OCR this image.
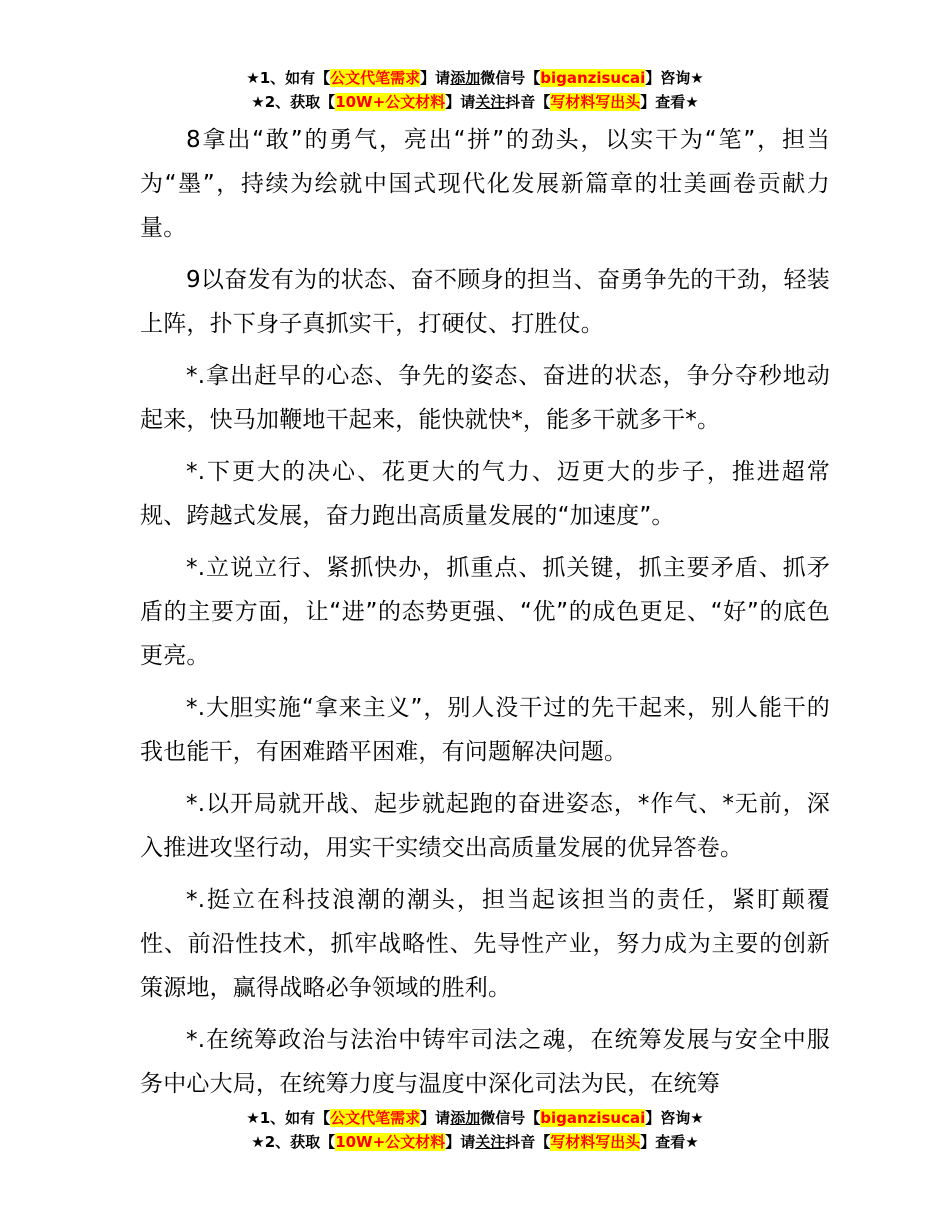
★1、如有【公文代笔需求】请添加微信号【biganzisucai】咨询★
★2、获取【10W+公文材料】请关注抖音【写材料写出头】查看★

8拿出“敢”的勇气，亮出“拼”的劲头，以实干为“笔”，担当为“墨”，持续为绘就中国式现代化发展新篇章的壮美画卷贡献力量。

9以奋发有为的状态、奋不顾身的担当、奋勇争先的干劲，轻装上阵，扑下身子真抓实干，打硬仗、打胜仗。

*.拿出赶早的心态、争先的姿态、奋进的状态，争分夺秒地动起来，快马加鞭地干起来，能快就快*，能多干就多干*。

*.下更大的决心、花更大的气力、迈更大的步子，推进超常规、跨越式发展，奋力跑出高质量发展的“加速度”。

*.立说立行、紧抓快办，抓重点、抓关键，抓主要矛盾、抓矛盾的主要方面，让“进”的态势更强、“优”的成色更足、“好”的底色更亮。

*.大胆实施“拿来主义”，别人没干过的先干起来，别人能干的我也能干，有困难踏平困难，有问题解决问题。

*.以开局就开战、起步就起跑的奋进姿态，*作气、*无前，深入推进攻坚行动，用实干实绩交出高质量发展的优异答卷。

*.挺立在科技浪潮的潮头，担当起该担当的责任，紧盯颠覆性、前沿性技术，抓牢战略性、先导性产业，努力成为主要的创新策源地，赢得战略必争领域的胜利。

*.在统筹政治与法治中铸牢司法之魂，在统筹发展与安全中服务中心大局，在统筹力度与温度中深化司法为民，在统筹

★1、如有【公文代笔需求】请添加微信号【biganzisucai】咨询★
★2、获取【10W+公文材料】请关注抖音【写材料写出头】查看★
